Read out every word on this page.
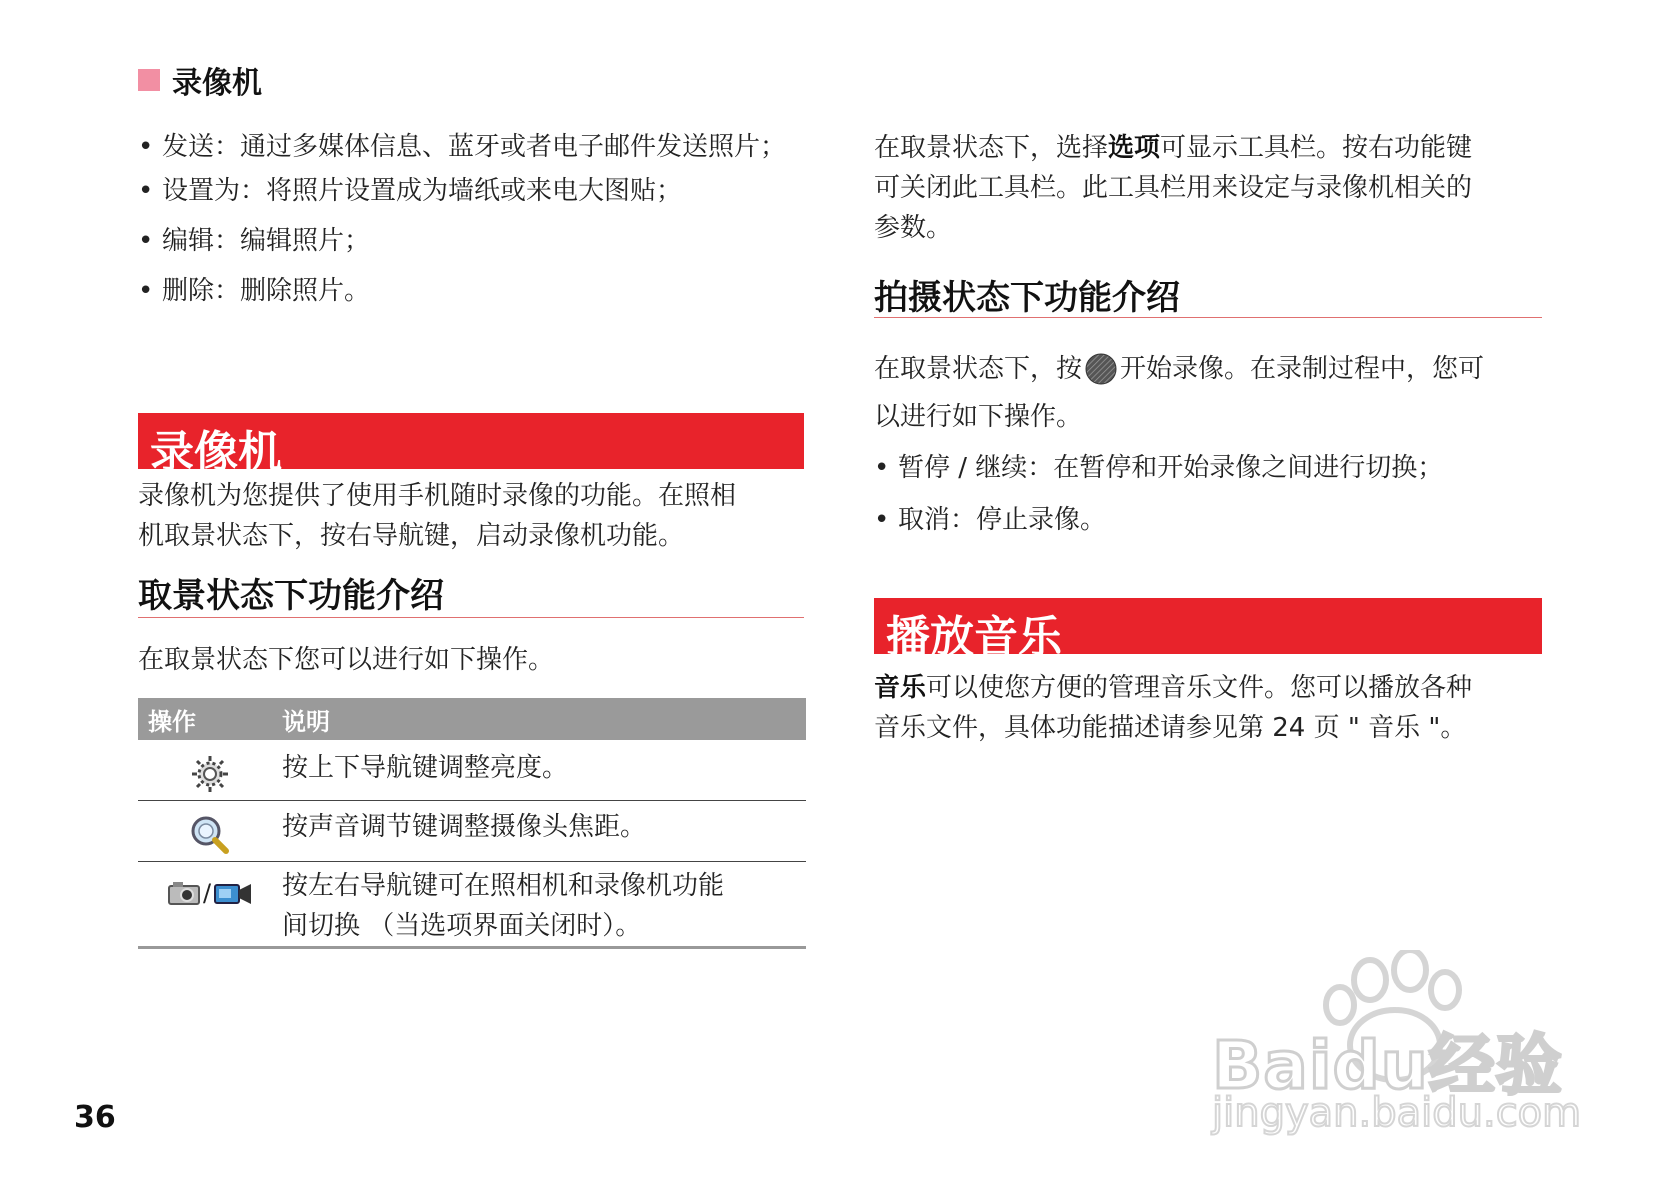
录像机
• 发送：通过多媒体信息、蓝牙或者电子邮件发送照片；
• 设置为：将照片设置成为墙纸或来电大图贴；
• 编辑：编辑照片；
• 删除：删除照片。
录像机
录像机为您提供了使用手机随时录像的功能。在照相
机取景状态下，按右导航键，启动录像机功能。
取景状态下功能介绍
在取景状态下您可以进行如下操作。
操作	说明
按上下导航键调整亮度。
按声音调节键调整摄像头焦距。
/	按左右导航键可在照相机和录像机功能
间切换 （当选项界面关闭时）。
在取景状态下，选择选项可显示工具栏。按右功能键
可关闭此工具栏。此工具栏用来设定与录像机相关的
参数。
拍摄状态下功能介绍
在取景状态下，按 开始录像。在录制过程中，您可
以进行如下操作。
• 暂停 / 继续：在暂停和开始录像之间进行切换；
• 取消：停止录像。
播放音乐
音乐可以使您方便的管理音乐文件。您可以播放各种
音乐文件，具体功能描述请参见第 24 页 " 音乐 "。
36
Baidu经验
jingyan.baidu.com
